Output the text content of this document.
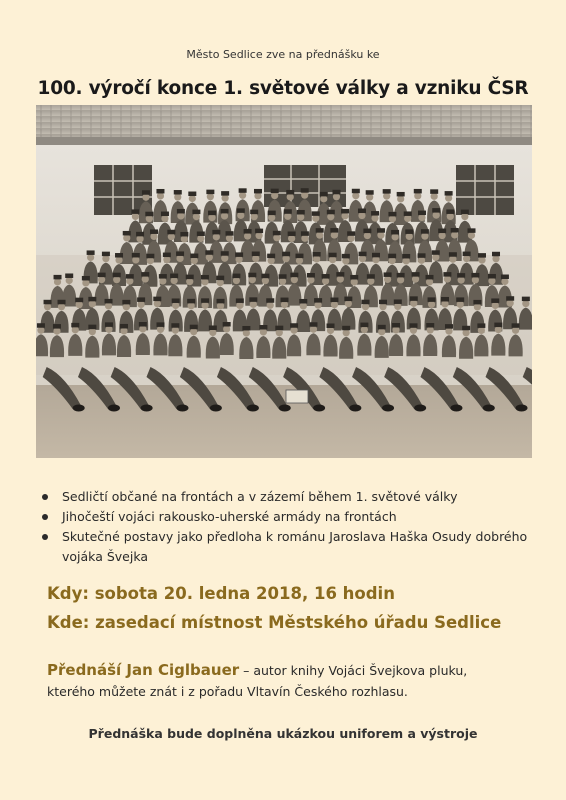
Město Sedlice zve na přednášku ke
100. výročí konce 1. světové války a vzniku ČSR
Sedličtí občané na frontách a v zázemí během 1. světové války
Jihočeští vojáci rakousko-uherské armády na frontách
Skutečné postavy jako předloha k románu Jaroslava Haška Osudy dobrého vojáka Švejka
Kdy: sobota 20. ledna 2018, 16 hodin
Kde: zasedací místnost Městského úřadu Sedlice
Přednáší Jan Ciglbauer – autor knihy Vojáci Švejkova pluku,
kterého můžete znát i z pořadu Vltavín Českého rozhlasu.
Přednáška bude doplněna ukázkou uniforem a výstroje
